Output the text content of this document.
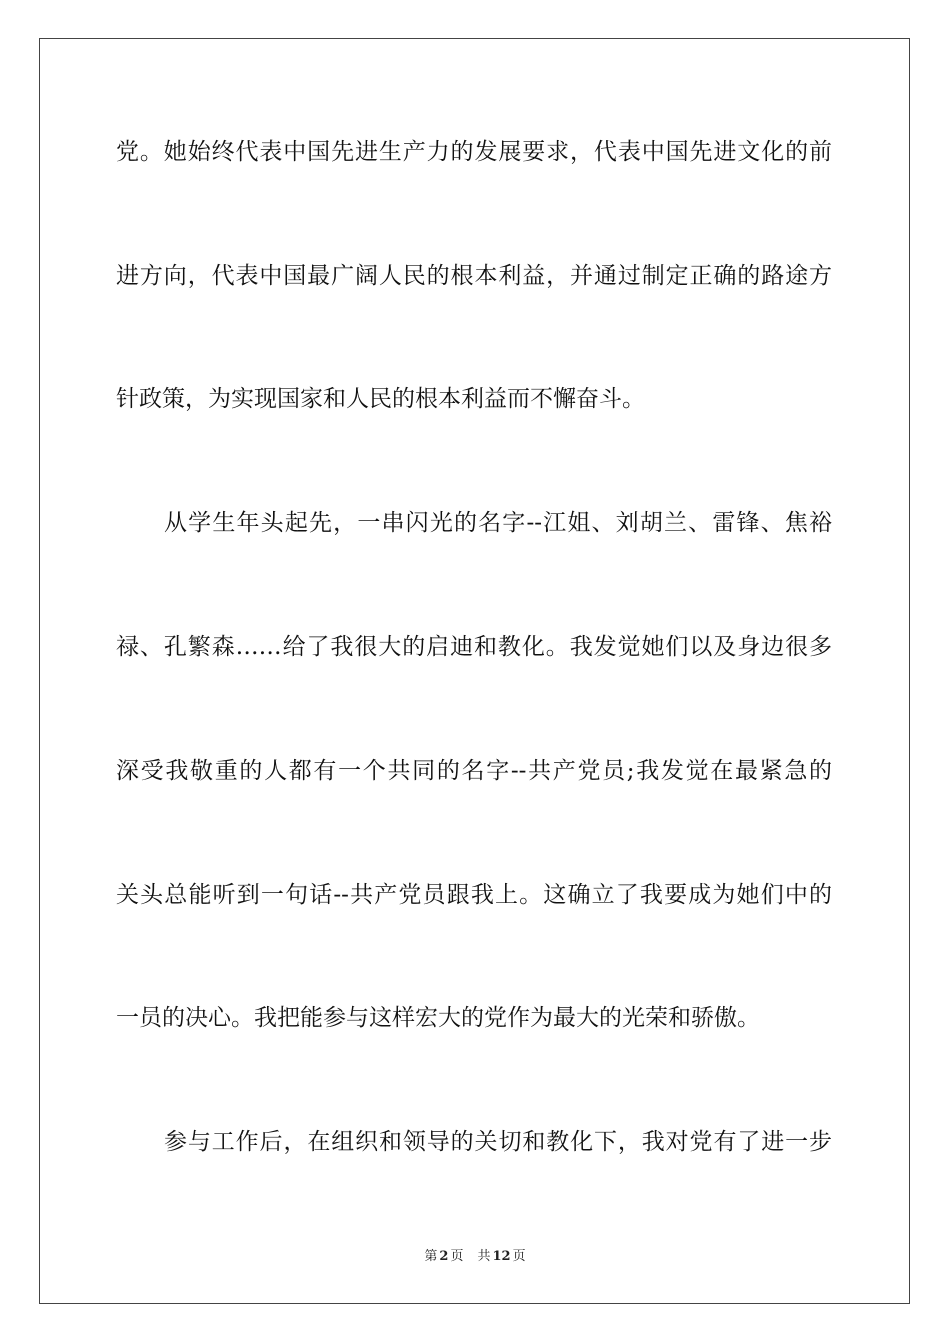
党。她始终代表中国先进生产力的发展要求，代表中国先进文化的前
进方向，代表中国最广阔人民的根本利益，并通过制定正确的路途方
针政策，为实现国家和人民的根本利益而不懈奋斗。
从学生年头起先，一串闪光的名字--江姐、刘胡兰、雷锋、焦裕
禄、孔繁森……给了我很大的启迪和教化。我发觉她们以及身边很多
深受我敬重的人都有一个共同的名字--共产党员;我发觉在最紧急的
关头总能听到一句话--共产党员跟我上。这确立了我要成为她们中的
一员的决心。我把能参与这样宏大的党作为最大的光荣和骄傲。
参与工作后，在组织和领导的关切和教化下，我对党有了进一步
第 2 页 共 12 页
